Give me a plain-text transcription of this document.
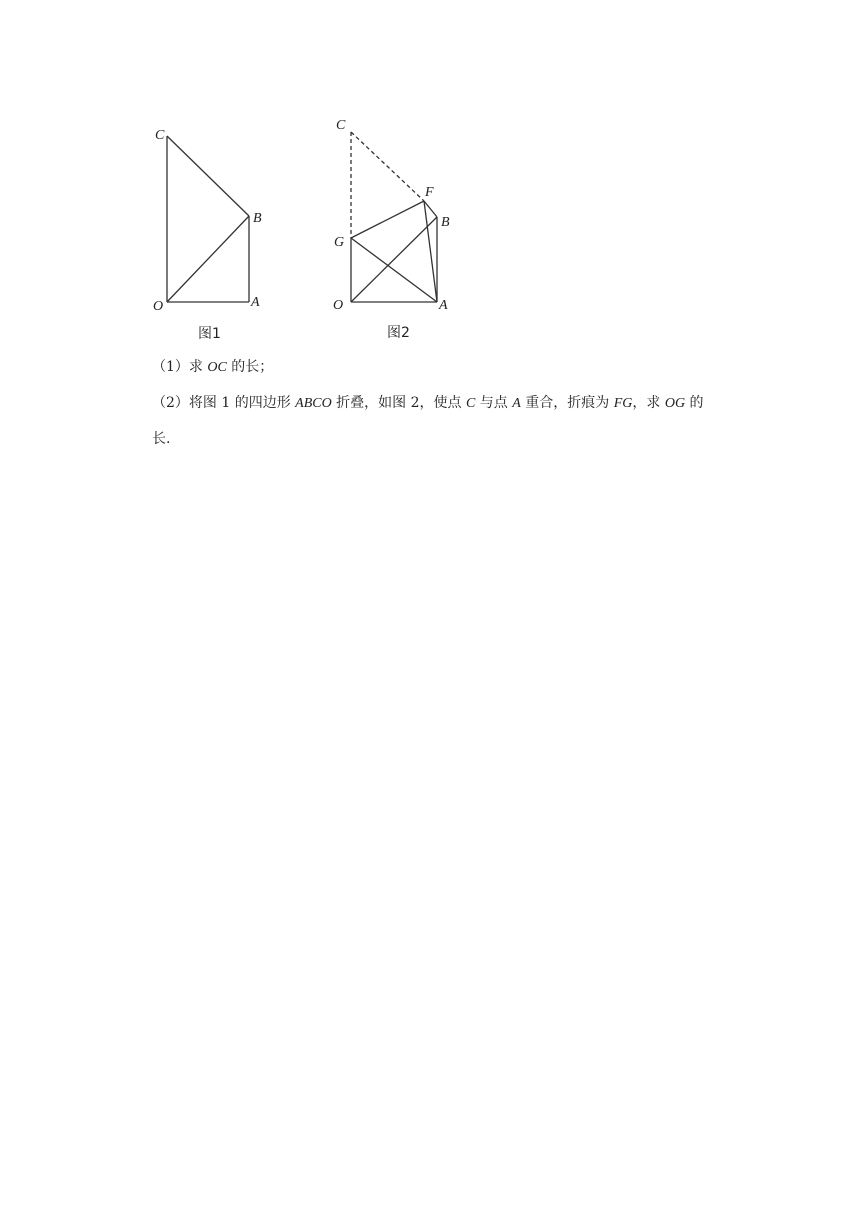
C
B
O	A
图1
C
F
B
G
O	A
图2
（1）求 OC 的长；
（2）将图 1 的四边形 ABCO 折叠，如图 2，使点 C 与点 A 重合，折痕为 FG，求 OG 的
长.
